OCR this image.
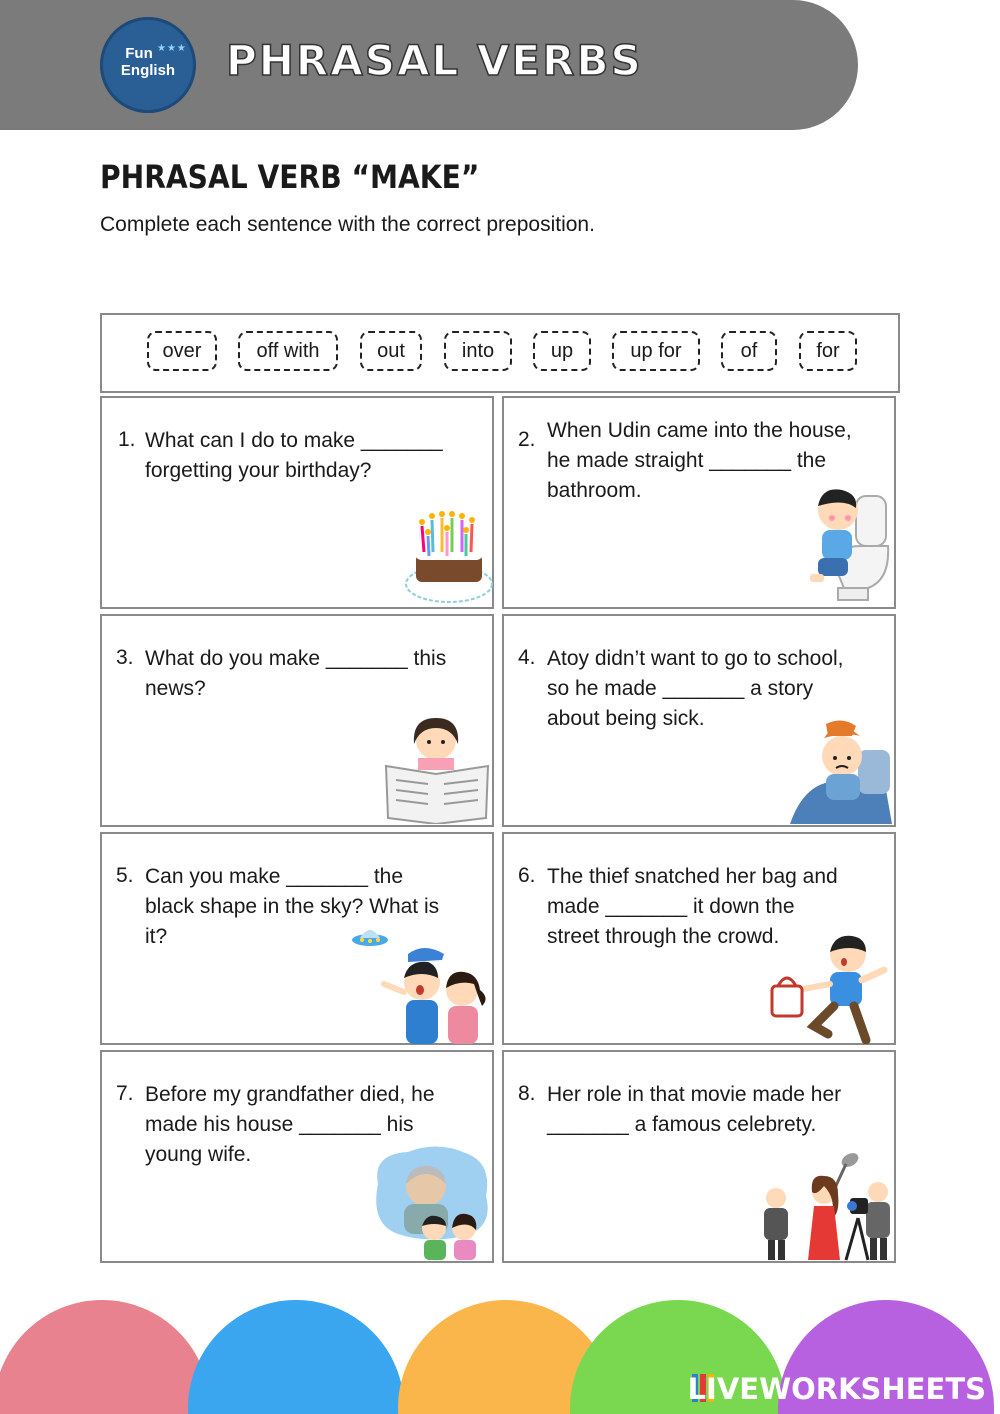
★★★
Fun
English	PHRASAL VERBS
PHRASAL VERB “MAKE”
Complete each sentence with the correct preposition.
over	off with	out	into	up	up for	of	for
1. What can I do to make _______
forgetting your birthday?
2. When Udin came into the house,
he made straight _______ the
bathroom.
3. What do you make _______ this
news?
4. Atoy didn’t want to go to school,
so he made _______ a story
about being sick.
5. Can you make _______ the
black shape in the sky? What is
it?
6. The thief snatched her bag and
made _______ it down the
street through the crowd.
7. Before my grandfather died, he
made his house _______ his
young wife.
8. Her role in that movie made her
_______ a famous celebrety.
LIVEWORKSHEETS
